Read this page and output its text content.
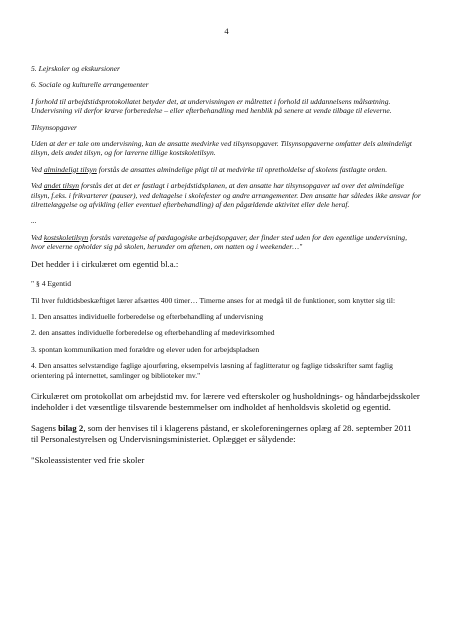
4

5. Lejrskoler og ekskursioner

6. Sociale og kulturelle arrangementer

I forhold til arbejdstidsprotokollatet betyder det, at undervisningen er målrettet i forhold til uddannelsens målsætning. Undervisning vil derfor kræve forberedelse – eller efterbehandling med henblik på senere at vende tilbage til eleverne.

Tilsynsopgaver

Uden at der er tale om undervisning, kan de ansatte medvirke ved tilsynsopgaver. Tilsynsopgaverne omfatter dels almindeligt tilsyn, dels andet tilsyn, og for lærerne tillige kostskoletilsyn.

Ved almindeligt tilsyn forstås de ansattes almindelige pligt til at medvirke til opretholdelse af skolens fastlagte orden.

Ved andet tilsyn forstås det at det er fastlagt i arbejdstidsplanen, at den ansatte har tilsynsopgaver ud over det almindelige tilsyn, f.eks. i frikvarterer (pauser), ved deltagelse i skolefester og andre arrangementer. Den ansatte har således ikke ansvar for tilrettelæggelse og afvikling (eller eventuel efterbehandling) af den pågældende aktivitet eller dele heraf.

...

Ved kostskoletilsyn forstås varetagelse af pædagogiske arbejdsopgaver, der finder sted uden for den egentlige undervisning, hvor eleverne opholder sig på skolen, herunder om aftenen, om natten og i weekender…"

Det hedder i i cirkulæret om egentid bl.a.:

" § 4 Egentid

Til hver fuldtidsbeskæftiget lærer afsættes 400 timer… Timerne anses for at medgå til de funktioner, som knytter sig til:

1. Den ansattes individuelle forberedelse og efterbehandling af undervisning

2. den ansattes individuelle forberedelse og efterbehandling af mødevirksomhed

3. spontan kommunikation med forældre og elever uden for arbejdspladsen

4. Den ansattes selvstændige faglige ajourføring, eksempelvis læsning af faglitteratur og faglige tidsskrifter samt faglig orientering på internettet, samlinger og biblioteker mv."

Cirkulæret om protokollat om arbejdstid mv. for lærere ved efterskoler og husholdnings- og håndarbejdsskoler indeholder i det væsentlige tilsvarende bestemmelser om indholdet af henholdsvis skoletid og egentid.

Sagens bilag 2, som der henvises til i klagerens påstand, er skoleforeningernes oplæg af 28. september 2011 til Personalestyrelsen og Undervisningsministeriet. Oplægget er sålydende:

"Skoleassistenter ved frie skoler
